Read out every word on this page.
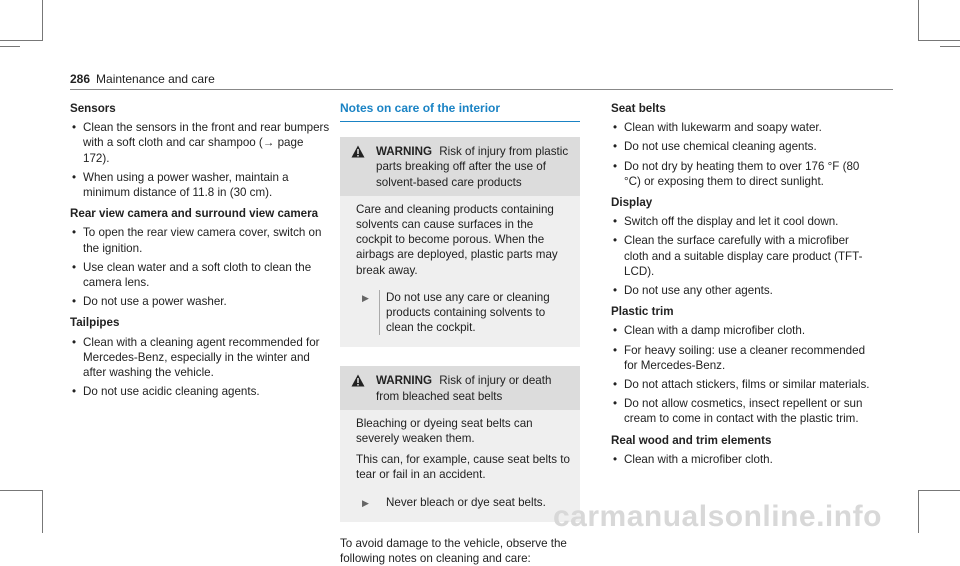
286 Maintenance and care
Sensors
• Clean the sensors in the front and rear bumpers with a soft cloth and car shampoo (→ page 172).
• When using a power washer, maintain a minimum distance of 11.8 in (30 cm).
Rear view camera and surround view camera
• To open the rear view camera cover, switch on the ignition.
• Use clean water and a soft cloth to clean the camera lens.
• Do not use a power washer.
Tailpipes
• Clean with a cleaning agent recommended for Mercedes-Benz, especially in the winter and after washing the vehicle.
• Do not use acidic cleaning agents.
Notes on care of the interior
WARNING Risk of injury from plastic parts breaking off after the use of solvent-based care products

Care and cleaning products containing solvents can cause surfaces in the cockpit to become porous. When the airbags are deployed, plastic parts may break away.

▶	Do not use any care or cleaning products containing solvents to clean the cockpit.
WARNING Risk of injury or death from bleached seat belts

Bleaching or dyeing seat belts can severely weaken them.

This can, for example, cause seat belts to tear or fail in an accident.

▶ Never bleach or dye seat belts.
To avoid damage to the vehicle, observe the following notes on cleaning and care:
Seat belts
• Clean with lukewarm and soapy water.
• Do not use chemical cleaning agents.
• Do not dry by heating them to over 176 °F (80 °C) or exposing them to direct sunlight.
Display
• Switch off the display and let it cool down.
• Clean the surface carefully with a microfiber cloth and a suitable display care product (TFT-LCD).
• Do not use any other agents.
Plastic trim
• Clean with a damp microfiber cloth.
• For heavy soiling: use a cleaner recommended for Mercedes-Benz.
• Do not attach stickers, films or similar materials.
• Do not allow cosmetics, insect repellent or sun cream to come in contact with the plastic trim.
Real wood and trim elements
• Clean with a microfiber cloth.
carmanualsonline.info
